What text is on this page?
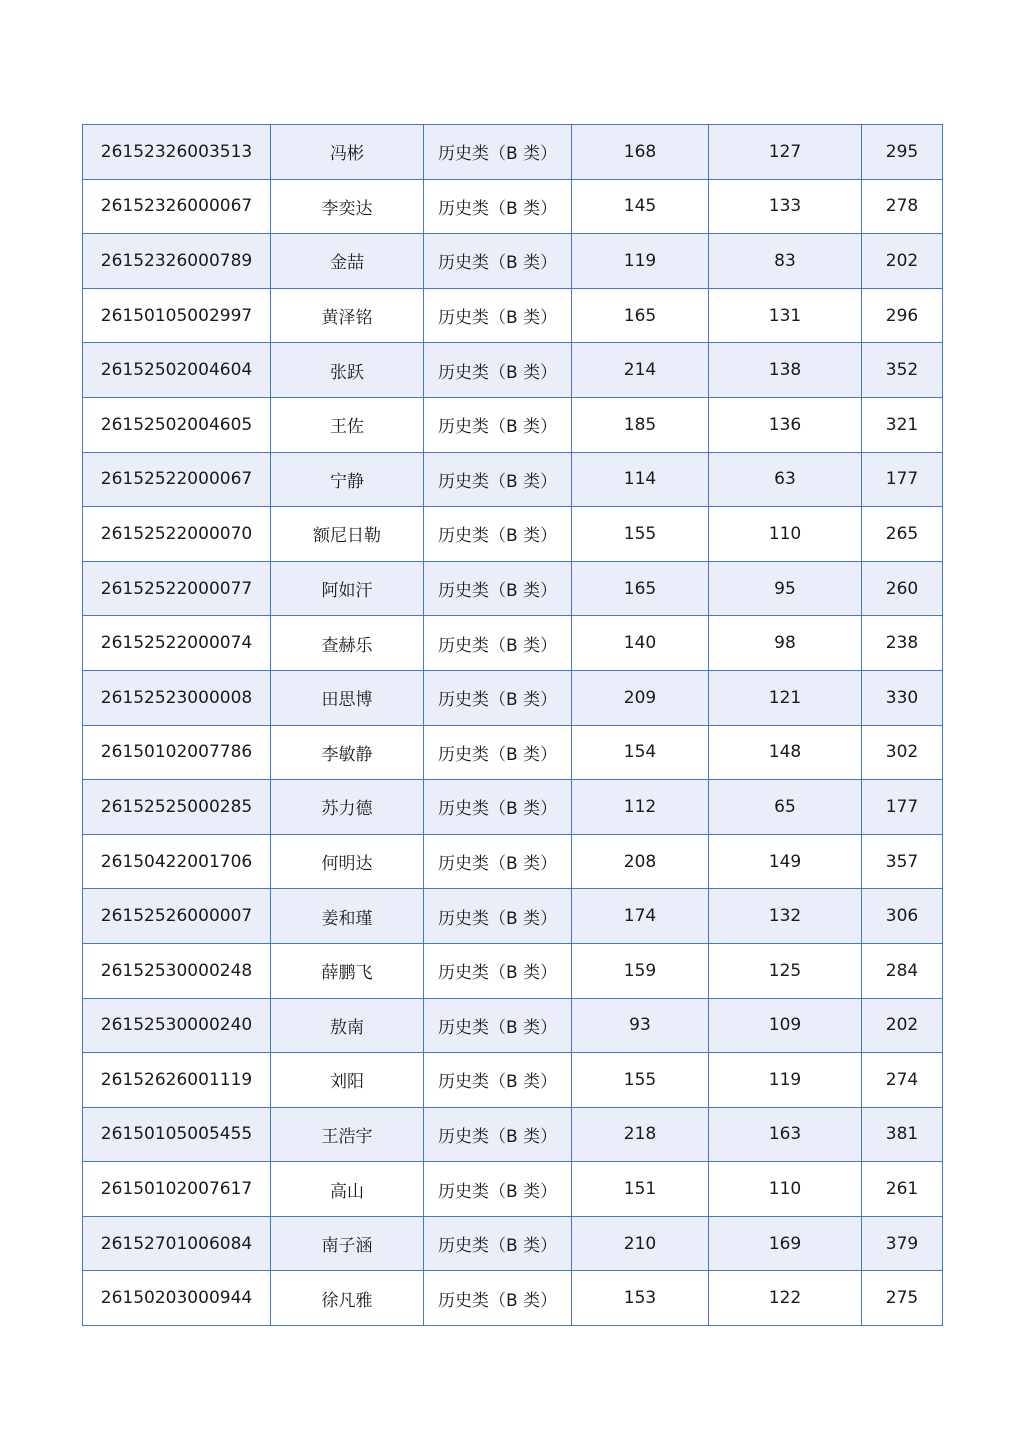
26152326003513	冯彬	历史类（B 类）	168	127	295
26152326000067	李奕达	历史类（B 类）	145	133	278
26152326000789	金喆	历史类（B 类）	119	83	202
26150105002997	黄泽铭	历史类（B 类）	165	131	296
26152502004604	张跃	历史类（B 类）	214	138	352
26152502004605	王佐	历史类（B 类）	185	136	321
26152522000067	宁静	历史类（B 类）	114	63	177
26152522000070	额尼日勒	历史类（B 类）	155	110	265
26152522000077	阿如汗	历史类（B 类）	165	95	260
26152522000074	查赫乐	历史类（B 类）	140	98	238
26152523000008	田思博	历史类（B 类）	209	121	330
26150102007786	李敏静	历史类（B 类）	154	148	302
26152525000285	苏力德	历史类（B 类）	112	65	177
26150422001706	何明达	历史类（B 类）	208	149	357
26152526000007	姜和瑾	历史类（B 类）	174	132	306
26152530000248	薛鹏飞	历史类（B 类）	159	125	284
26152530000240	敖南	历史类（B 类）	93	109	202
26152626001119	刘阳	历史类（B 类）	155	119	274
26150105005455	王浩宇	历史类（B 类）	218	163	381
26150102007617	高山	历史类（B 类）	151	110	261
26152701006084	南子涵	历史类（B 类）	210	169	379
26150203000944	徐凡雅	历史类（B 类）	153	122	275
